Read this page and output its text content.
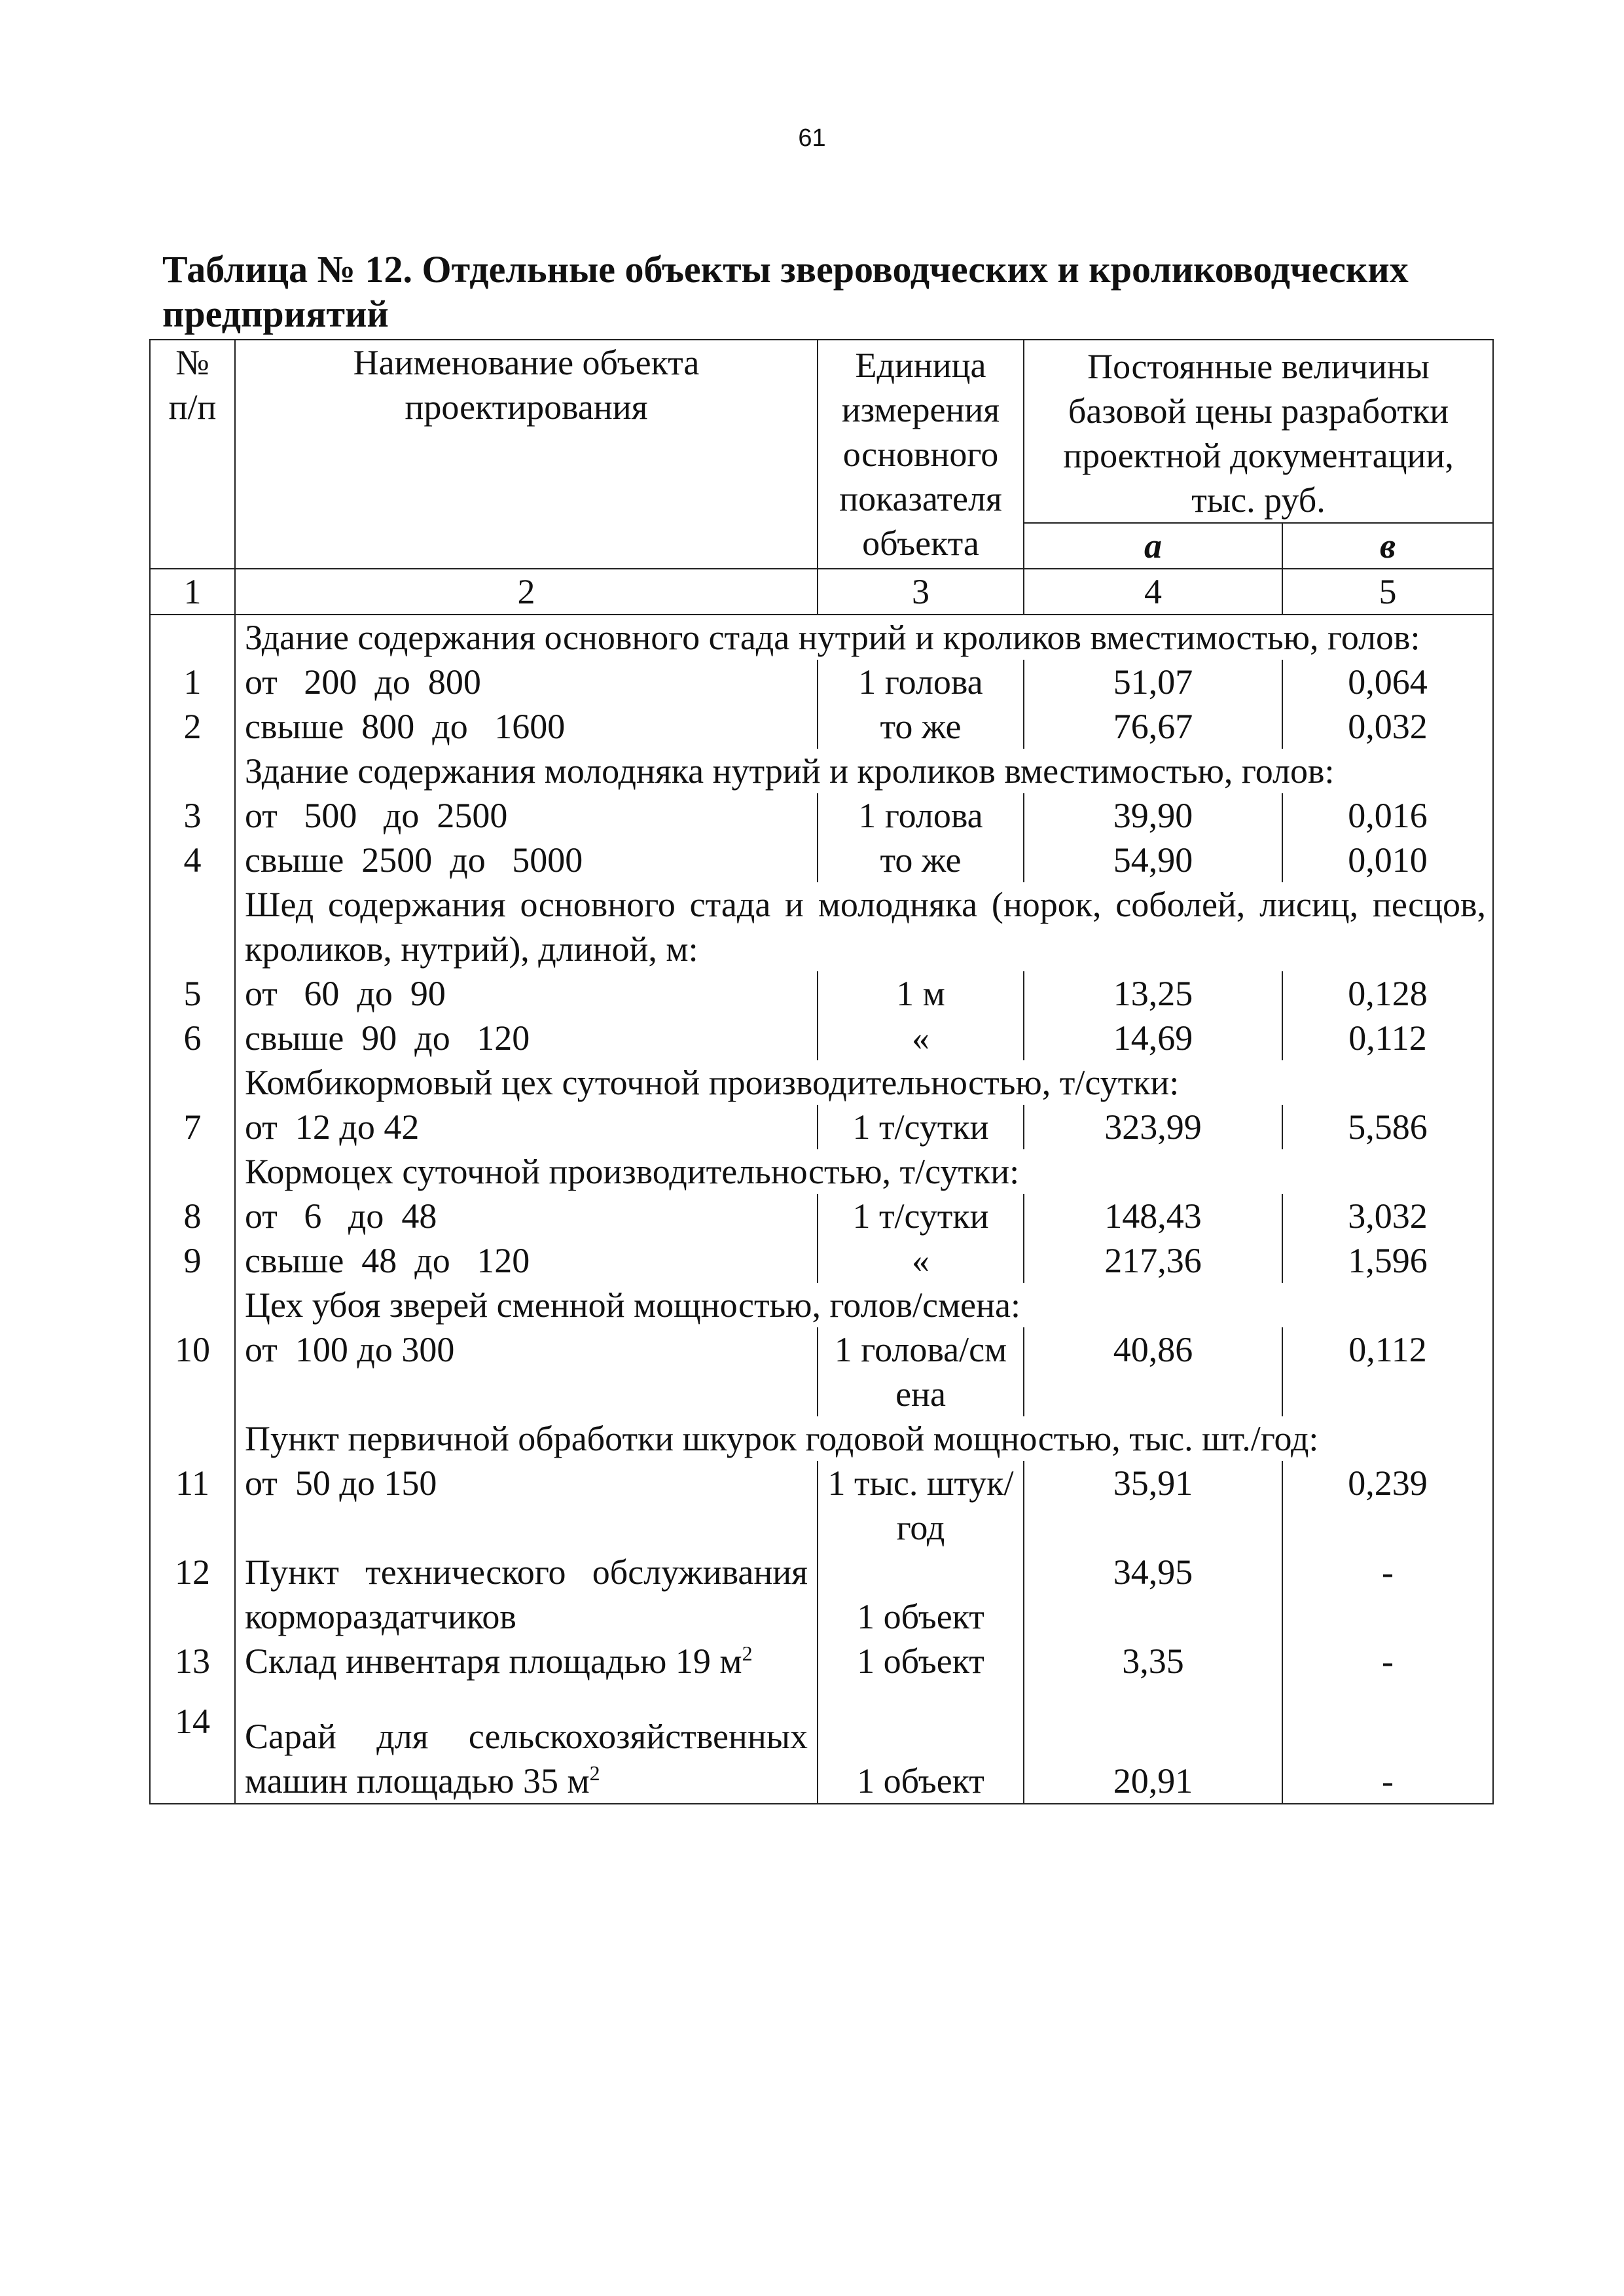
61
Таблица № 12. Отдельные объекты звероводческих и кролиководческих предприятий
№ п/п	Наименование объекта проектирования	Единица измерения основного показателя объекта	Постоянные величины базовой цены разработки проектной документации, тыс. руб.	
			а	в
1	2	3	4	5
	Здание содержания основного стада нутрий и кроликов вместимостью, голов:			
1	от   200  до  800	1 голова	51,07	0,064
2	свыше  800  до   1600	то же	76,67	0,032
	Здание содержания молодняка нутрий и кроликов вместимостью, голов:			
3	от   500   до  2500	1 голова	39,90	0,016
4	свыше  2500  до   5000	то же	54,90	0,010
	Шед содержания основного стада и молодняка (норок, соболей, лисиц, песцов, кроликов, нутрий), длиной, м:			
5	от   60  до  90	1 м	13,25	0,128
6	свыше  90  до   120	«	14,69	0,112
	Комбикормовый цех суточной производительностью, т/сутки:			
7	от  12 до 42	1 т/сутки	323,99	5,586
	Кормоцех суточной производительностью, т/сутки:			
8	от   6   до  48	1 т/сутки	148,43	3,032
9	свыше  48  до   120	«	217,36	1,596
	Цех убоя зверей сменной мощностью, голов/смена:			
10	от  100 до 300	1 голова/смена	40,86	0,112
	Пункт первичной обработки шкурок годовой мощностью, тыс. шт./год:			
11	от  50 до 150	1 тыс. штук/год	35,91	0,239
12	Пункт технического обслуживания кормораздатчиков	1 объект	34,95	-
13	Склад инвентаря площадью 19 $м^2$	1 объект	3,35	-
14	Сарай для сельскохозяйственных машин площадью 35 $м^2$	1 объект	20,91	-
